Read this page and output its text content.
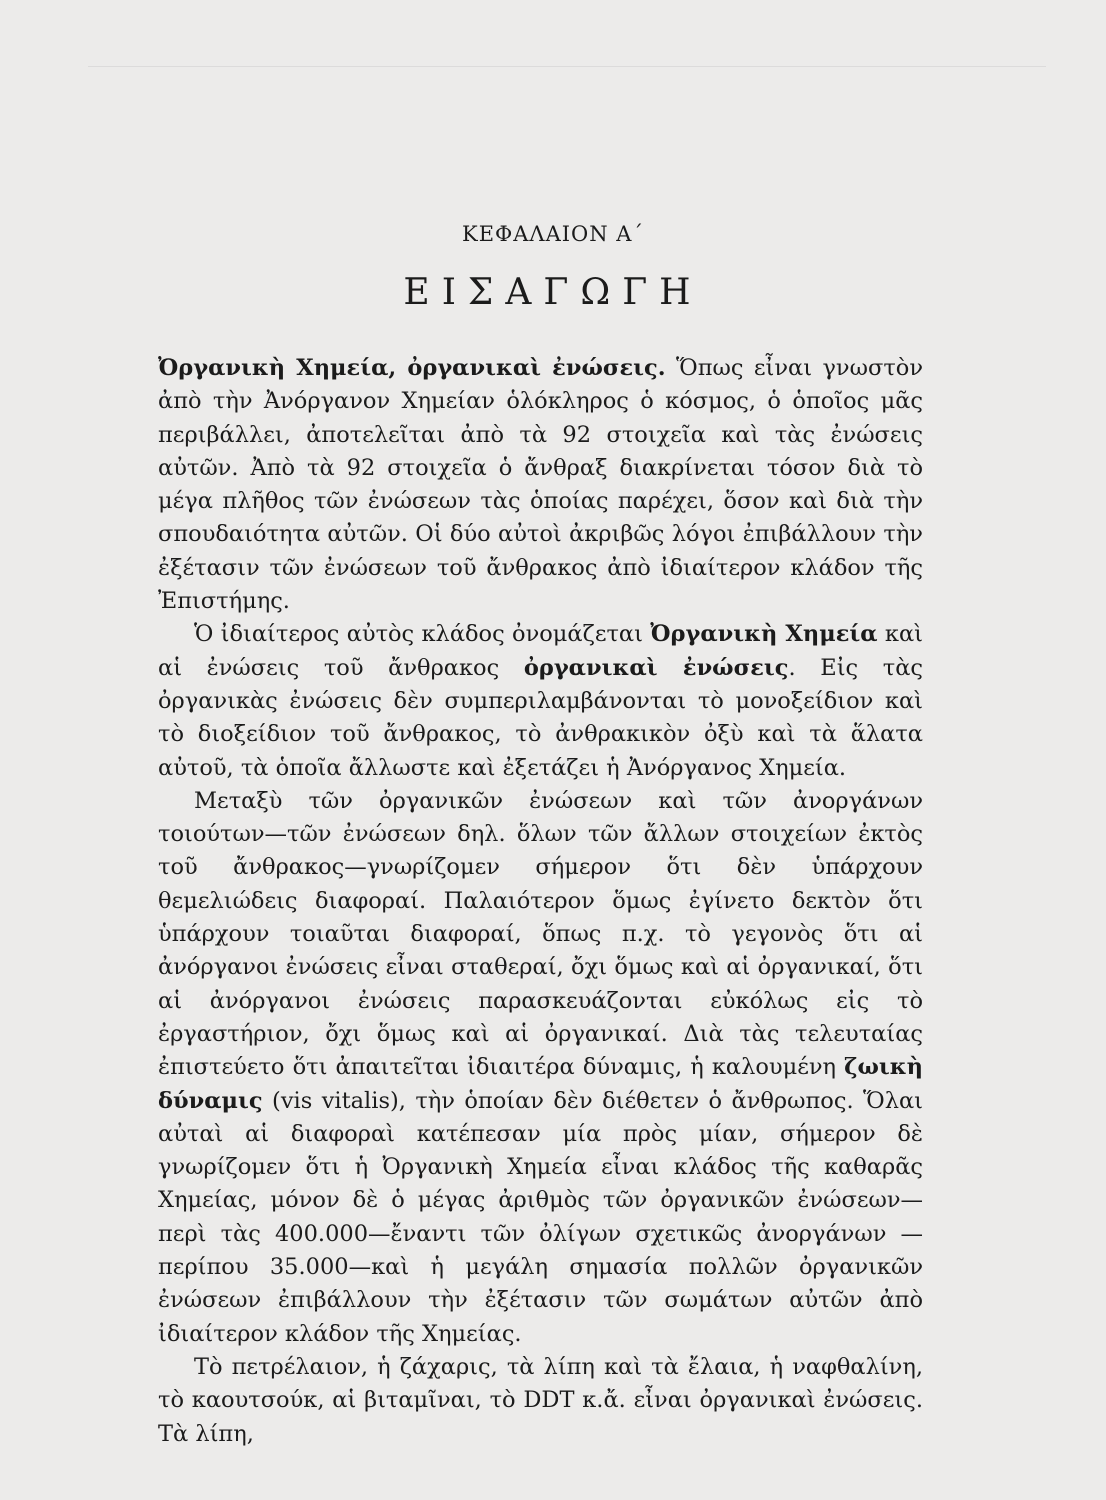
ΚΕΦΑΛΑΙΟΝ Α΄
ΕΙΣΑΓΩΓΗ

Ὀργανικὴ Χημεία, ὀργανικαὶ ἐνώσεις. Ὅπως εἶναι γνωστὸν ἀπὸ τὴν Ἀνόργανον Χημείαν ὁλόκληρος ὁ κόσμος, ὁ ὁποῖος μᾶς περιβάλλει, ἀποτελεῖται ἀπὸ τὰ 92 στοιχεῖα καὶ τὰς ἐνώσεις αὐτῶν. Ἀπὸ τὰ 92 στοιχεῖα ὁ ἄνθραξ διακρίνεται τόσον διὰ τὸ μέγα πλῆθος τῶν ἐνώσεων τὰς ὁποίας παρέχει, ὅσον καὶ διὰ τὴν σπουδαιότητα αὐτῶν. Οἱ δύο αὐτοὶ ἀκριβῶς λόγοι ἐπιβάλλουν τὴν ἐξέτασιν τῶν ἐνώσεων τοῦ ἄνθρακος ἀπὸ ἰδιαίτερον κλάδον τῆς Ἐπιστήμης.

Ὁ ἰδιαίτερος αὐτὸς κλάδος ὀνομάζεται Ὀργανικὴ Χημεία καὶ αἱ ἐνώσεις τοῦ ἄνθρακος ὀργανικαὶ ἐνώσεις. Εἰς τὰς ὀργανικὰς ἐνώσεις δὲν συμπεριλαμβάνονται τὸ μονοξείδιον καὶ τὸ διοξείδιον τοῦ ἄνθρακος, τὸ ἀνθρακικὸν ὀξὺ καὶ τὰ ἅλατα αὐτοῦ, τὰ ὁποῖα ἄλλωστε καὶ ἐξετάζει ἡ Ἀνόργανος Χημεία.

Μεταξὺ τῶν ὀργανικῶν ἐνώσεων καὶ τῶν ἀνοργάνων τοιούτων—τῶν ἐνώσεων δηλ. ὅλων τῶν ἄλλων στοιχείων ἐκτὸς τοῦ ἄνθρακος—γνωρίζομεν σήμερον ὅτι δὲν ὑπάρχουν θεμελιώδεις διαφοραί. Παλαιότερον ὅμως ἐγίνετο δεκτὸν ὅτι ὑπάρχουν τοιαῦται διαφοραί, ὅπως π.χ. τὸ γεγονὸς ὅτι αἱ ἀνόργανοι ἐνώσεις εἶναι σταθεραί, ὄχι ὅμως καὶ αἱ ὀργανικαί, ὅτι αἱ ἀνόργανοι ἐνώσεις παρασκευάζονται εὐκόλως εἰς τὸ ἐργαστήριον, ὄχι ὅμως καὶ αἱ ὀργανικαί. Διὰ τὰς τελευταίας ἐπιστεύετο ὅτι ἀπαιτεῖται ἰδιαιτέρα δύναμις, ἡ καλουμένη ζωικὴ δύναμις (vis vitalis), τὴν ὁποίαν δὲν διέθετεν ὁ ἄνθρωπος. Ὅλαι αὐταὶ αἱ διαφοραὶ κατέπεσαν μία πρὸς μίαν, σήμερον δὲ γνωρίζομεν ὅτι ἡ Ὀργανικὴ Χημεία εἶναι κλάδος τῆς καθαρᾶς Χημείας, μόνον δὲ ὁ μέγας ἀριθμὸς τῶν ὀργανικῶν ἐνώσεων—περὶ τὰς 400.000—ἔναντι τῶν ὀλίγων σχετικῶς ἀνοργάνων —περίπου 35.000—καὶ ἡ μεγάλη σημασία πολλῶν ὀργανικῶν ἐνώσεων ἐπιβάλλουν τὴν ἐξέτασιν τῶν σωμάτων αὐτῶν ἀπὸ ἰδιαίτερον κλάδον τῆς Χημείας.

Τὸ πετρέλαιον, ἡ ζάχαρις, τὰ λίπη καὶ τὰ ἔλαια, ἡ ναφθαλίνη, τὸ καουτσούκ, αἱ βιταμῖναι, τὸ DDT κ.ἄ. εἶναι ὀργανικαὶ ἐνώσεις. Τὰ λίπη,
